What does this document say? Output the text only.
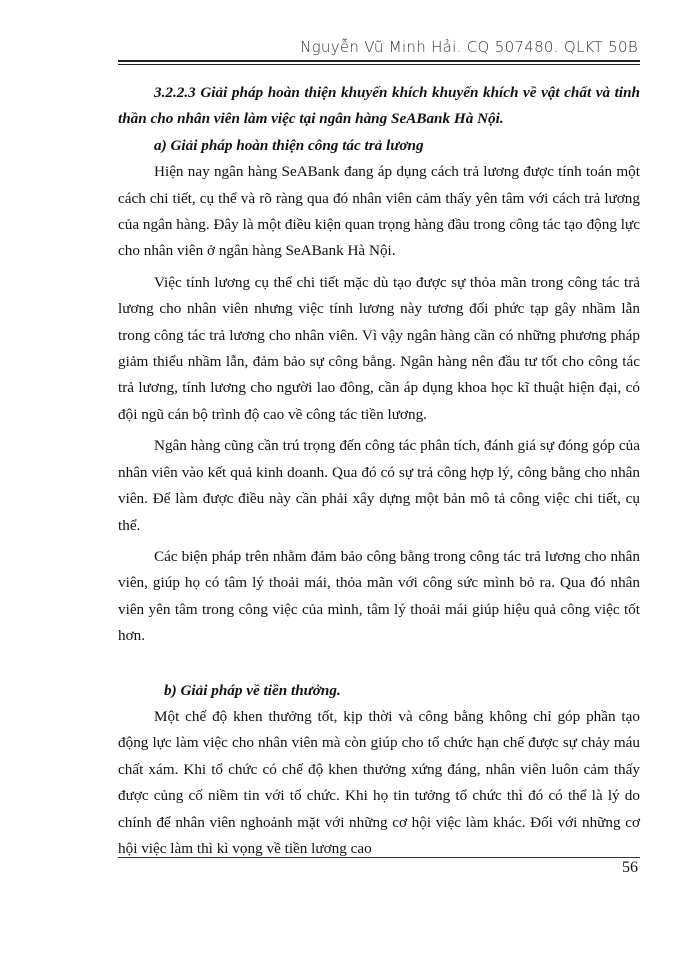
Nguyễn Vũ Minh Hải. CQ 507480. QLKT 50B

3.2.2.3 Giải pháp hoàn thiện khuyến khích khuyến khích về vật chất và tinh thần cho nhân viên làm việc tại ngân hàng SeABank Hà Nội.

a) Giải pháp hoàn thiện công tác trả lương

Hiện nay ngân hàng SeABank đang áp dụng cách trả lương được tính toán một cách chi tiết, cụ thể và rõ ràng qua đó nhân viên cảm thấy yên tâm với cách trả lương của ngân hàng. Đây là một điều kiện quan trọng hàng đầu trong công tác tạo động lực cho nhân viên ở ngân hàng SeABank Hà Nội.

Việc tính lương cụ thể chi tiết mặc dù tạo được sự thỏa mãn trong công tác trả lương cho nhân viên nhưng việc tính lương này tương đối phức tạp gây nhầm lẫn trong công tác trả lương cho nhân viên. Vì vậy ngân hàng cần có những phương pháp giảm thiểu nhầm lẫn, đảm bảo sự công bằng. Ngân hàng nên đầu tư tốt cho công tác trả lương, tính lương cho người lao đông, cần áp dụng khoa học kĩ thuật hiện đại, có đội ngũ cán bộ trình độ cao về công tác tiền lương.

Ngân hàng cũng cần trú trọng đến công tác phân tích, đánh giá sự đóng góp của nhân viên vào kết quả kinh doanh. Qua đó có sự trả công hợp lý, công bằng cho nhân viên. Để làm được điều này cần phải xây dựng một bản mô tả công việc chi tiết, cụ thể.

Các biện pháp trên nhằm đảm bảo công bằng trong công tác trả lương cho nhân viên, giúp họ có tâm lý thoải mái, thỏa mãn với công sức mình bỏ ra. Qua đó nhân viên yên tâm trong công việc của mình, tâm lý thoải mái giúp hiệu quả công việc tốt hơn.

b) Giải pháp về tiền thưởng.

Một chế độ khen thưởng tốt, kịp thời và công bằng không chỉ góp phần tạo động lực làm việc cho nhân viên mà còn giúp cho tổ chức hạn chế được sự chảy máu chất xám. Khi tổ chức có chế độ khen thưởng xứng đáng, nhân viên luôn cảm thấy được củng cố niềm tin với tổ chức. Khi họ tin tưởng tổ chức thì đó có thể là lý do chính để nhân viên nghoảnh mặt với những cơ hội việc làm khác. Đối với những cơ hội việc làm thì kì vọng về tiền lương cao

56
